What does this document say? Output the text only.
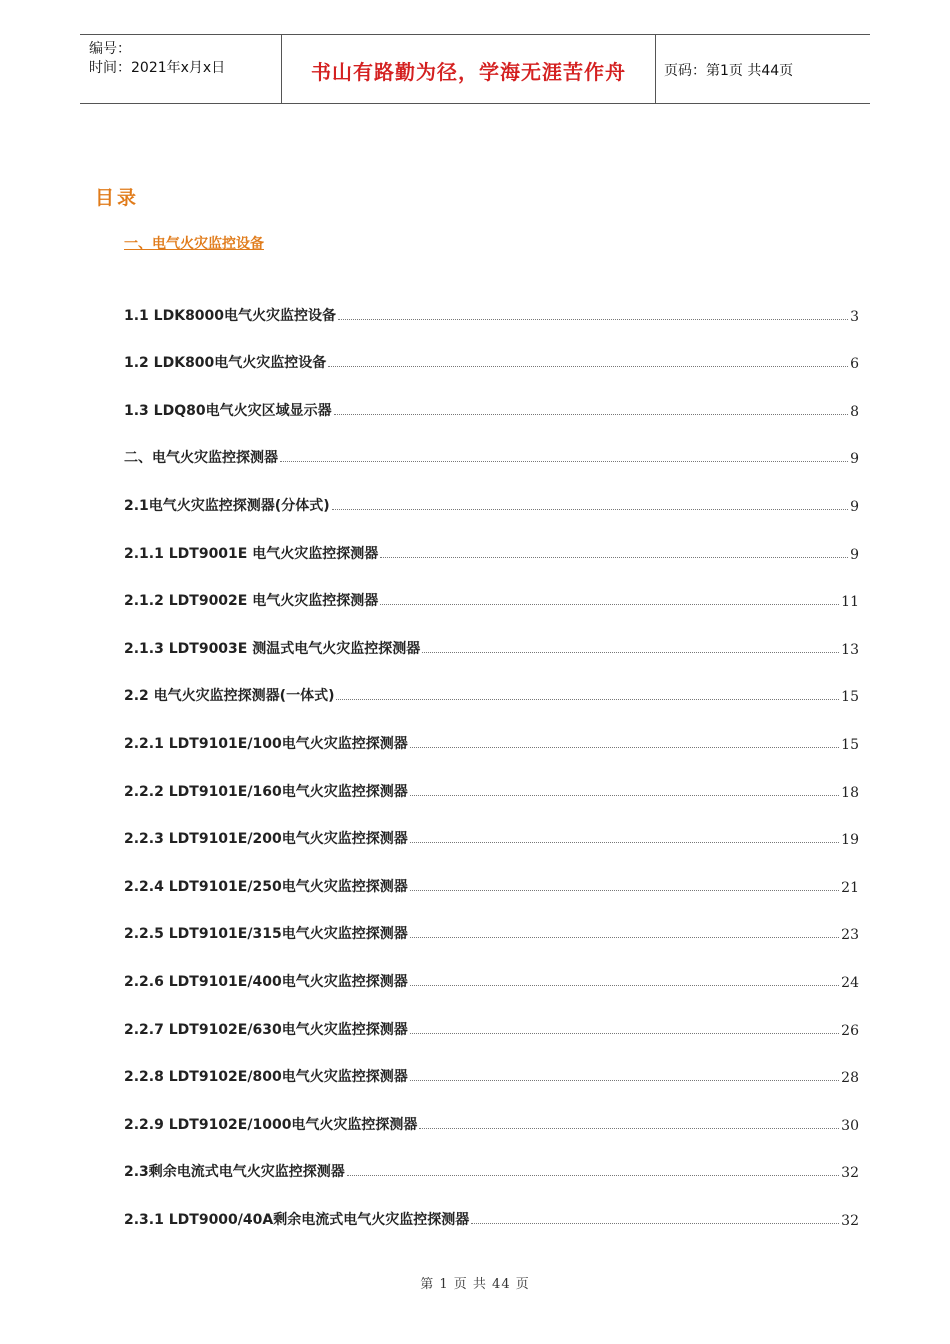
编号：
时间：2021年x月x日	书山有路勤为径，学海无涯苦作舟	页码：第1页 共44页
目录
一、电气火灾监控设备
1.1 LDK8000电气火灾监控设备	3
1.2 LDK800电气火灾监控设备	6
1.3 LDQ80电气火灾区域显示器	8
二、电气火灾监控探测器	9
2.1电气火灾监控探测器(分体式)	9
2.1.1 LDT9001E 电气火灾监控探测器	9
2.1.2 LDT9002E 电气火灾监控探测器	11
2.1.3 LDT9003E 测温式电气火灾监控探测器	13
2.2 电气火灾监控探测器(一体式)	15
2.2.1 LDT9101E/100电气火灾监控探测器	15
2.2.2 LDT9101E/160电气火灾监控探测器	18
2.2.3 LDT9101E/200电气火灾监控探测器	19
2.2.4 LDT9101E/250电气火灾监控探测器	21
2.2.5 LDT9101E/315电气火灾监控探测器	23
2.2.6 LDT9101E/400电气火灾监控探测器	24
2.2.7 LDT9102E/630电气火灾监控探测器	26
2.2.8 LDT9102E/800电气火灾监控探测器	28
2.2.9 LDT9102E/1000电气火灾监控探测器	30
2.3剩余电流式电气火灾监控探测器	32
2.3.1 LDT9000/40A剩余电流式电气火灾监控探测器	32
第 1 页 共 44 页
